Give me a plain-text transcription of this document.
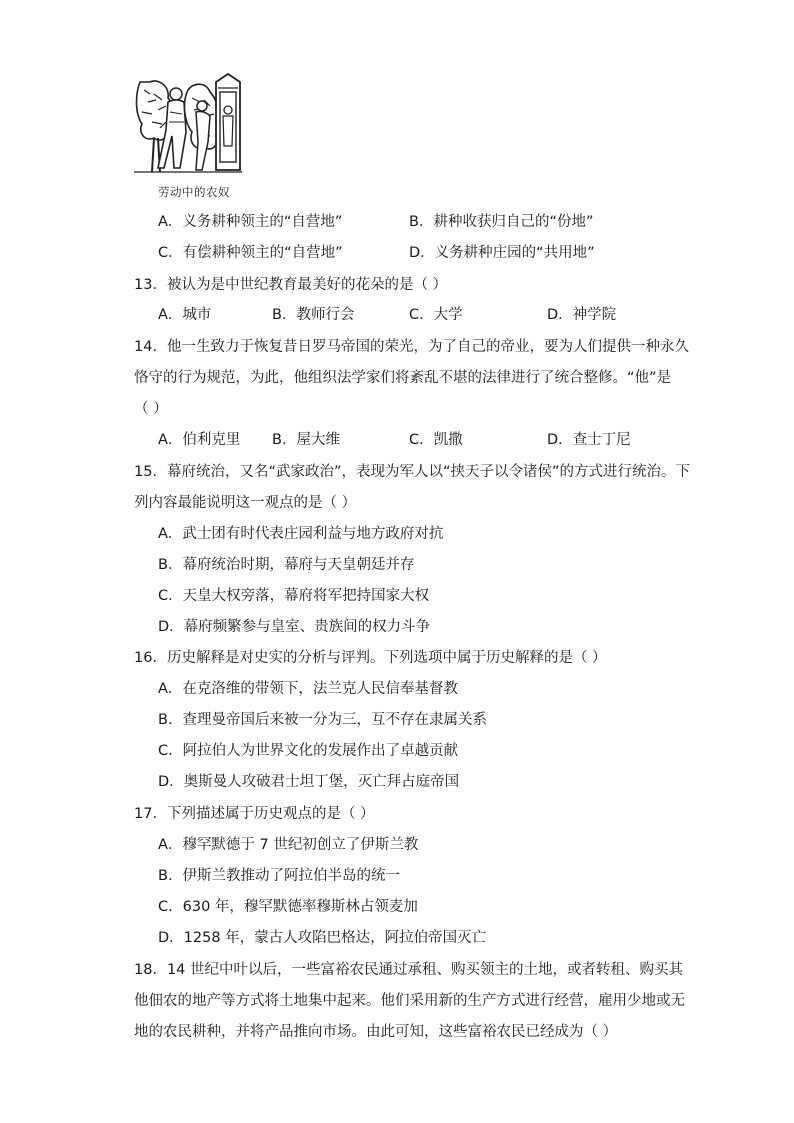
劳动中的农奴
A．义务耕种领主的“自营地”	B．耕种收获归自己的“份地”
C．有偿耕种领主的“自营地”	D．义务耕种庄园的“共用地”
13．被认为是中世纪教育最美好的花朵的是（ ）
A．城市	B．教师行会	C．大学	D．神学院
14．他一生致力于恢复昔日罗马帝国的荣光，为了自己的帝业，要为人们提供一种永久
恪守的行为规范，为此，他组织法学家们将紊乱不堪的法律进行了统合整修。“他”是
（ ）
A．伯利克里 B．屋大维	C．凯撒	D．查士丁尼
15．幕府统治，又名“武家政治”，表现为军人以“挟天子以令诸侯”的方式进行统治。下
列内容最能说明这一观点的是（ ）
A．武士团有时代表庄园利益与地方政府对抗
B．幕府统治时期，幕府与天皇朝廷并存
C．天皇大权旁落，幕府将军把持国家大权
D．幕府频繁参与皇室、贵族间的权力斗争
16．历史解释是对史实的分析与评判。下列选项中属于历史解释的是（ ）
A．在克洛维的带领下，法兰克人民信奉基督教
B．查理曼帝国后来被一分为三，互不存在隶属关系
C．阿拉伯人为世界文化的发展作出了卓越贡献
D．奥斯曼人攻破君士坦丁堡，灭亡拜占庭帝国
17．下列描述属于历史观点的是（ ）
A．穆罕默德于 7 世纪初创立了伊斯兰教
B．伊斯兰教推动了阿拉伯半岛的统一
C．630 年，穆罕默德率穆斯林占领麦加
D．1258 年，蒙古人攻陷巴格达，阿拉伯帝国灭亡
18．14 世纪中叶以后，一些富裕农民通过承租、购买领主的土地，或者转租、购买其
他佃农的地产等方式将土地集中起来。他们采用新的生产方式进行经营，雇用少地或无
地的农民耕种，并将产品推向市场。由此可知，这些富裕农民已经成为（ ）
